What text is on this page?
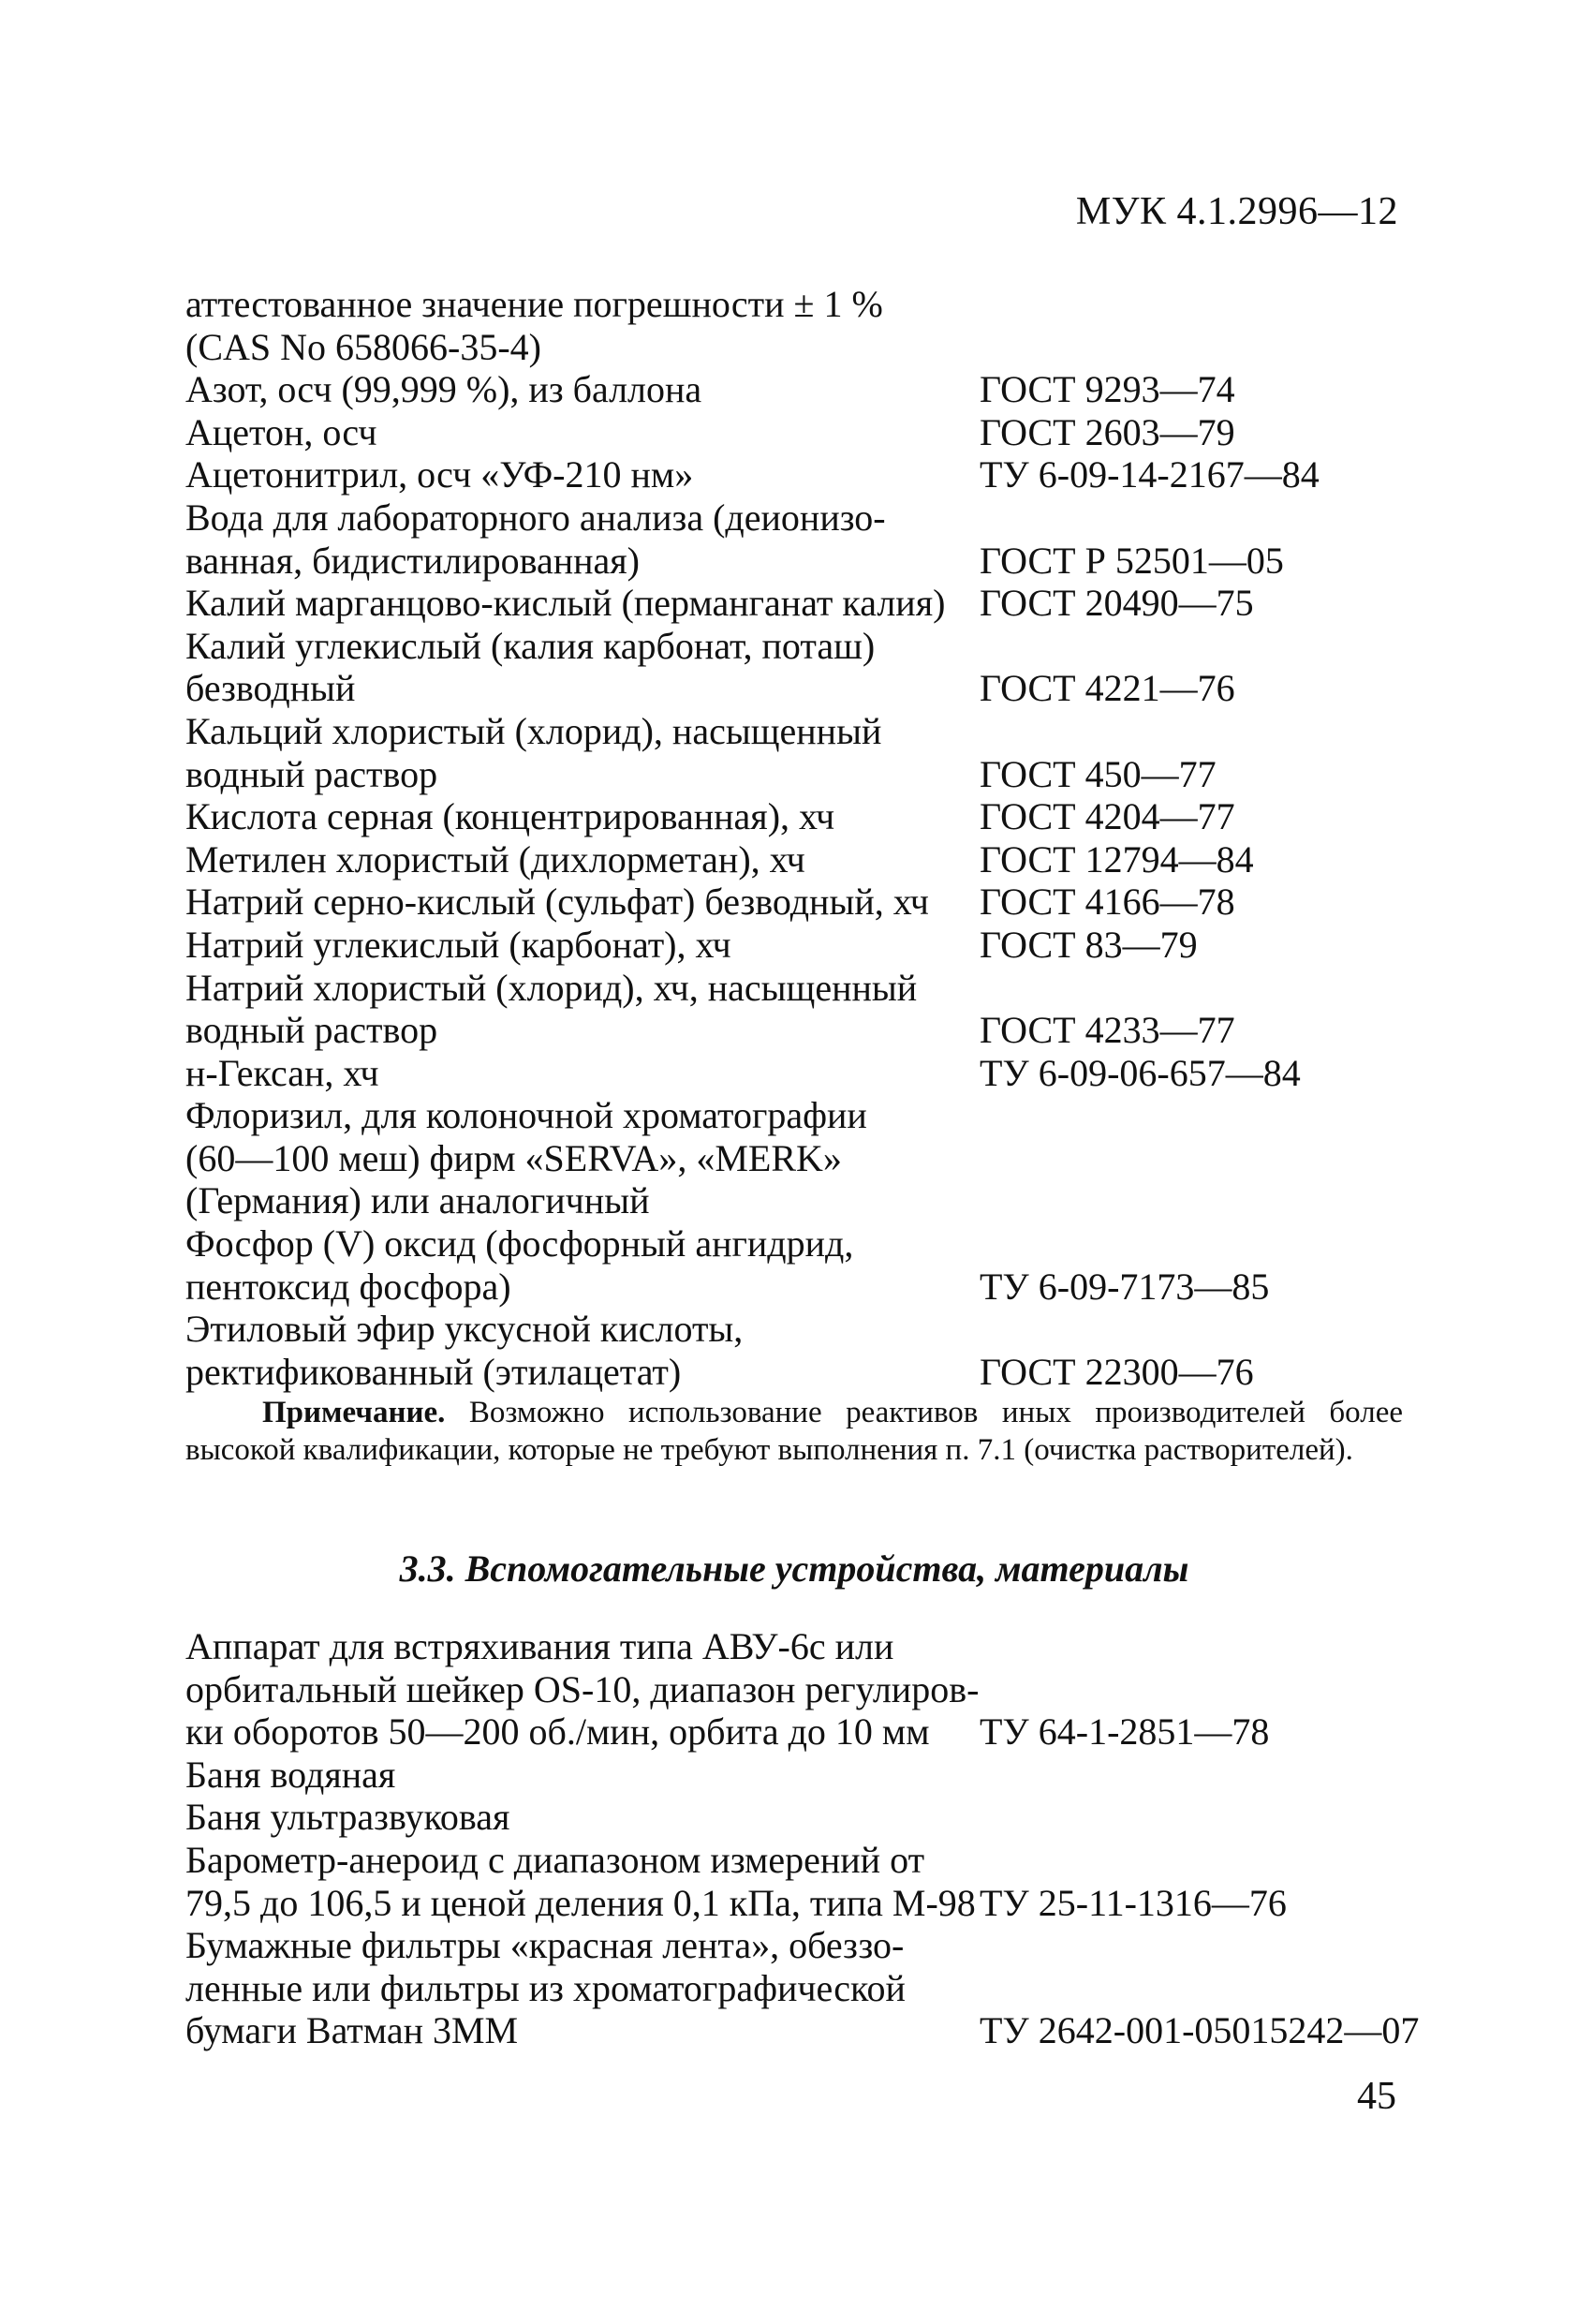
МУК 4.1.2996—12
аттестованное значение погрешности ± 1 %
(CAS No 658066-35-4)
Азот, осч (99,999 %), из баллона	ГОСТ 9293—74
Ацетон, осч	ГОСТ 2603—79
Ацетонитрил, осч «УФ-210 нм»	ТУ 6-09-14-2167—84
Вода для лабораторного анализа (деионизо-
ванная, бидистилированная)	ГОСТ Р 52501—05
Калий марганцово-кислый (перманганат калия) ГОСТ 20490—75
Калий углекислый (калия карбонат, поташ)
безводный	ГОСТ 4221—76
Кальций хлористый (хлорид), насыщенный
водный раствор	ГОСТ 450—77
Кислота серная (концентрированная), хч	ГОСТ 4204—77
Метилен хлористый (дихлорметан), хч	ГОСТ 12794—84
Натрий серно-кислый (сульфат) безводный, хч ГОСТ 4166—78
Натрий углекислый (карбонат), хч	ГОСТ 83—79
Натрий хлористый (хлорид), хч, насыщенный
водный раствор	ГОСТ 4233—77
н-Гексан, хч	ТУ 6-09-06-657—84
Флоризил, для колоночной хроматографии
(60—100 меш) фирм «SERVA», «MERK»
(Германия) или аналогичный
Фосфор (V) оксид (фосфорный ангидрид,
пентоксид фосфора)	ТУ 6-09-7173—85
Этиловый эфир уксусной кислоты,
ректификованный (этилацетат)	ГОСТ 22300—76
Примечание. Возможно использование реактивов иных производителей более высокой квалификации, которые не требуют выполнения п. 7.1 (очистка растворителей).
3.3. Вспомогательные устройства, материалы
Аппарат для встряхивания типа АВУ-6с или
орбитальный шейкер OS-10, диапазон регулиров-
ки оборотов 50—200 об./мин, орбита до 10 мм ТУ 64-1-2851—78
Баня водяная
Баня ультразвуковая
Барометр-анероид с диапазоном измерений от
79,5 до 106,5 и ценой деления 0,1 кПа, типа М-98 ТУ 25-11-1316—76
Бумажные фильтры «красная лента», обеззо-
ленные или фильтры из хроматографической
бумаги Ватман 3ММ	ТУ 2642-001-05015242—07
45
